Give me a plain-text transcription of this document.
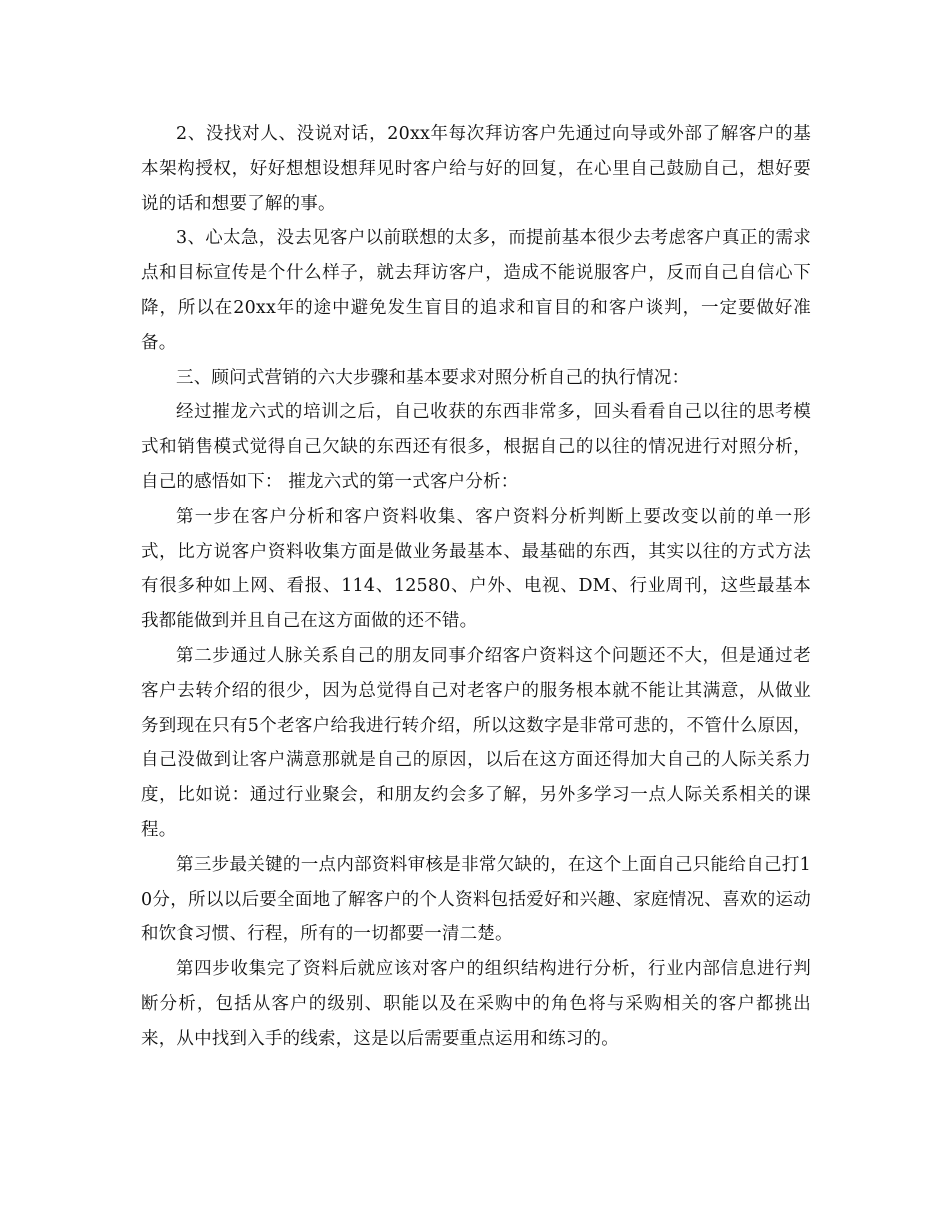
2、没找对人、没说对话，20xx年每次拜访客户先通过向导或外部了解客户的基本架构授权，好好想想设想拜见时客户给与好的回复，在心里自己鼓励自己，想好要说的话和想要了解的事。

3、心太急，没去见客户以前联想的太多，而提前基本很少去考虑客户真正的需求点和目标宣传是个什么样子，就去拜访客户，造成不能说服客户，反而自己自信心下降，所以在20xx年的途中避免发生盲目的追求和盲目的和客户谈判，一定要做好准备。

三、顾问式营销的六大步骤和基本要求对照分析自己的执行情况：

经过摧龙六式的培训之后，自己收获的东西非常多，回头看看自己以往的思考模式和销售模式觉得自己欠缺的东西还有很多，根据自己的以往的情况进行对照分析，自己的感悟如下： 摧龙六式的第一式客户分析：

第一步在客户分析和客户资料收集、客户资料分析判断上要改变以前的单一形式，比方说客户资料收集方面是做业务最基本、最基础的东西，其实以往的方式方法有很多种如上网、看报、114、12580、户外、电视、DM、行业周刊，这些最基本我都能做到并且自己在这方面做的还不错。

第二步通过人脉关系自己的朋友同事介绍客户资料这个问题还不大，但是通过老客户去转介绍的很少，因为总觉得自己对老客户的服务根本就不能让其满意，从做业务到现在只有5个老客户给我进行转介绍，所以这数字是非常可悲的，不管什么原因，自己没做到让客户满意那就是自己的原因，以后在这方面还得加大自己的人际关系力度，比如说：通过行业聚会，和朋友约会多了解，另外多学习一点人际关系相关的课程。

第三步最关键的一点内部资料审核是非常欠缺的，在这个上面自己只能给自己打10分，所以以后要全面地了解客户的个人资料包括爱好和兴趣、家庭情况、喜欢的运动和饮食习惯、行程，所有的一切都要一清二楚。

第四步收集完了资料后就应该对客户的组织结构进行分析，行业内部信息进行判断分析，包括从客户的级别、职能以及在采购中的角色将与采购相关的客户都挑出来，从中找到入手的线索，这是以后需要重点运用和练习的。
